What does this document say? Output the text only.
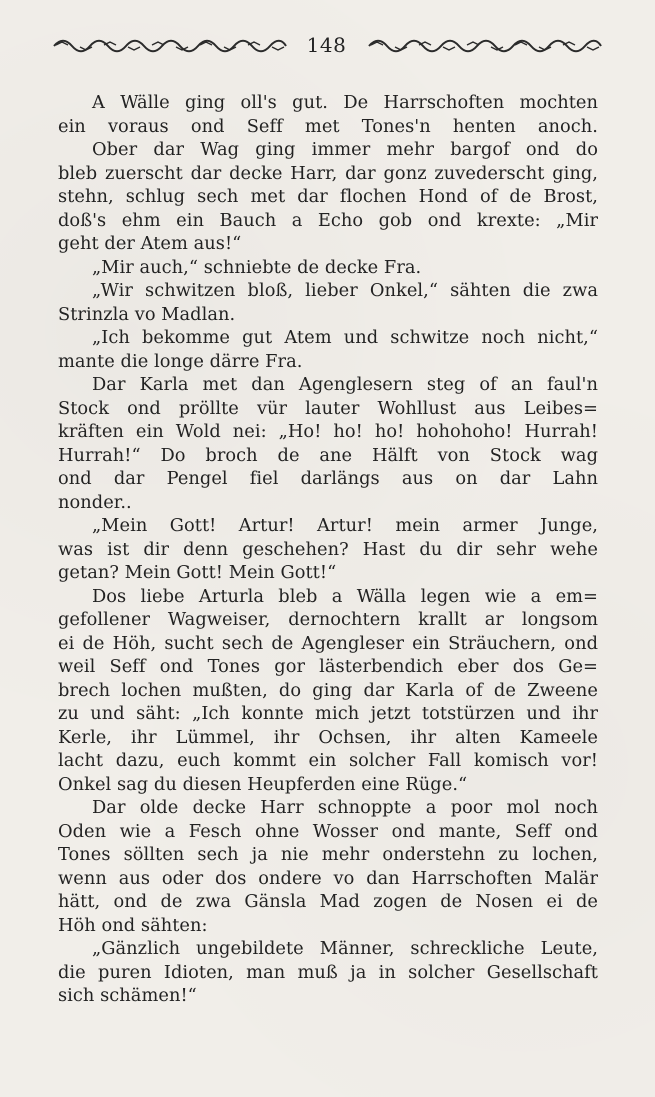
148
A Wälle ging oll's gut. De Harrschoften mochten
ein voraus ond Seff met Tones'n henten anoch.
Ober dar Wag ging immer mehr bargof ond do
bleb zuerscht dar decke Harr, dar gonz zuvederscht ging,
stehn, schlug sech met dar flochen Hond of de Brost,
doß's ehm ein Bauch a Echo gob ond krexte: „Mir
geht der Atem aus!“
„Mir auch,“ schniebte de decke Fra.
„Wir schwitzen bloß, lieber Onkel,“ sähten die zwa
Strinzla vo Madlan.
„Ich bekomme gut Atem und schwitze noch nicht,“
mante die longe därre Fra.
Dar Karla met dan Agenglesern steg of an faul'n
Stock ond pröllte vür lauter Wohllust aus Leibes=
kräften ein Wold nei: „Ho! ho! ho! hohohoho! Hurrah!
Hurrah!“ Do broch de ane Hälft von Stock wag
ond dar Pengel fiel darlängs aus on dar Lahn
nonder..
„Mein Gott! Artur! Artur! mein armer Junge,
was ist dir denn geschehen? Hast du dir sehr wehe
getan? Mein Gott! Mein Gott!“
Dos liebe Arturla bleb a Wälla legen wie a em=
gefollener Wagweiser, dernochtern krallt ar longsom
ei de Höh, sucht sech de Agengleser ein Sträuchern, ond
weil Seff ond Tones gor lästerbendich eber dos Ge=
brech lochen mußten, do ging dar Karla of de Zweene
zu und säht: „Ich konnte mich jetzt totstürzen und ihr
Kerle, ihr Lümmel, ihr Ochsen, ihr alten Kameele
lacht dazu, euch kommt ein solcher Fall komisch vor!
Onkel sag du diesen Heupferden eine Rüge.“
Dar olde decke Harr schnoppte a poor mol noch
Oden wie a Fesch ohne Wosser ond mante, Seff ond
Tones söllten sech ja nie mehr onderstehn zu lochen,
wenn aus oder dos ondere vo dan Harrschoften Malär
hätt, ond de zwa Gänsla Mad zogen de Nosen ei de
Höh ond sähten:
„Gänzlich ungebildete Männer, schreckliche Leute,
die puren Idioten, man muß ja in solcher Gesellschaft
sich schämen!“
